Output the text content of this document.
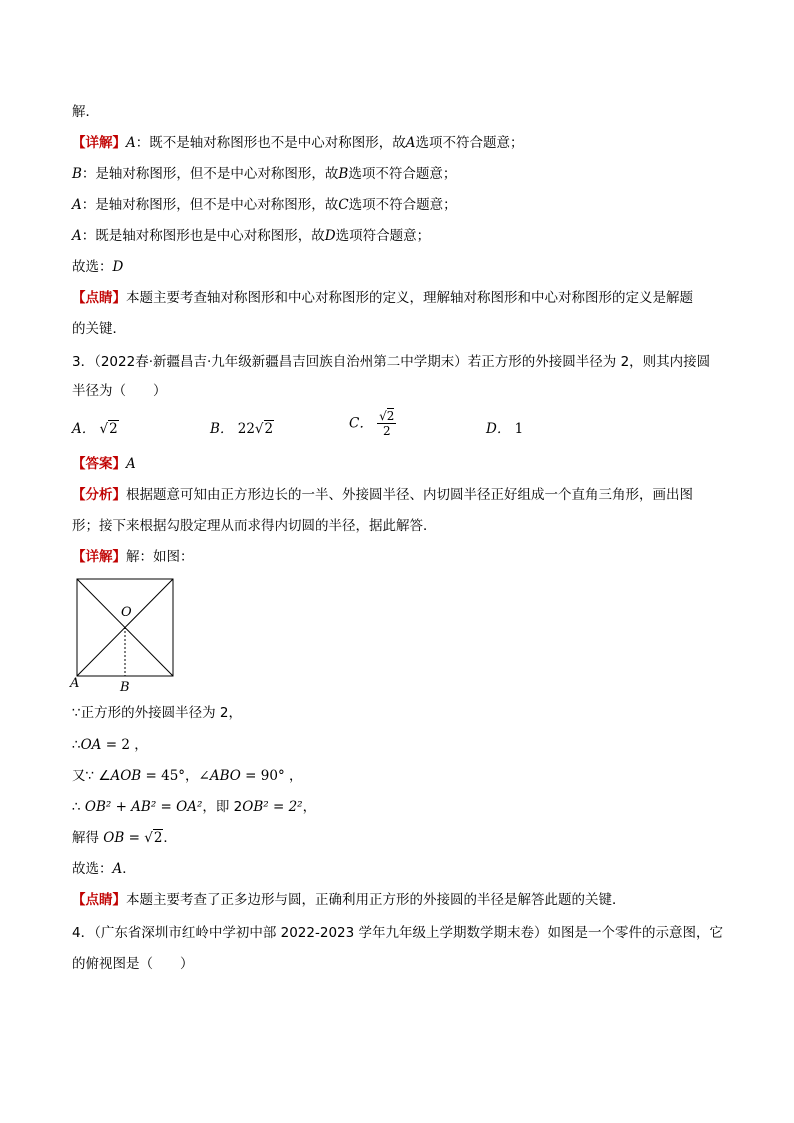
解．
【详解】A：既不是轴对称图形也不是中心对称图形，故A选项不符合题意；
B：是轴对称图形，但不是中心对称图形，故B选项不符合题意；
A：是轴对称图形，但不是中心对称图形，故C选项不符合题意；
A：既是轴对称图形也是中心对称图形，故D选项符合题意；
故选：D
【点睛】本题主要考查轴对称图形和中心对称图形的定义，理解轴对称图形和中心对称图形的定义是解题
的关键．
3．（2022春·新疆昌吉·九年级新疆昌吉回族自治州第二中学期末）若正方形的外接圆半径为 2，则其内接圆
半径为（　　）
A． √2	B． 22√2	C． $\frac{√2}{2}$	D． 1
【答案】A
【分析】根据题意可知由正方形边长的一半、外接圆半径、内切圆半径正好组成一个直角三角形，画出图
形；接下来根据勾股定理从而求得内切圆的半径，据此解答．
【详解】解：如图：
O
A	B
∵正方形的外接圆半径为 2，
∴OA = 2 ，
又∵ ∠AOB = 45°，∠ABO = 90° ，
∴ OB² + AB² = OA²，即 2OB² = 2²，
解得 OB = √2．
故选：A．
【点睛】本题主要考查了正多边形与圆，正确利用正方形的外接圆的半径是解答此题的关键．
4．（广东省深圳市红岭中学初中部 2022-2023 学年九年级上学期数学期末卷）如图是一个零件的示意图，它
的俯视图是（　　）
